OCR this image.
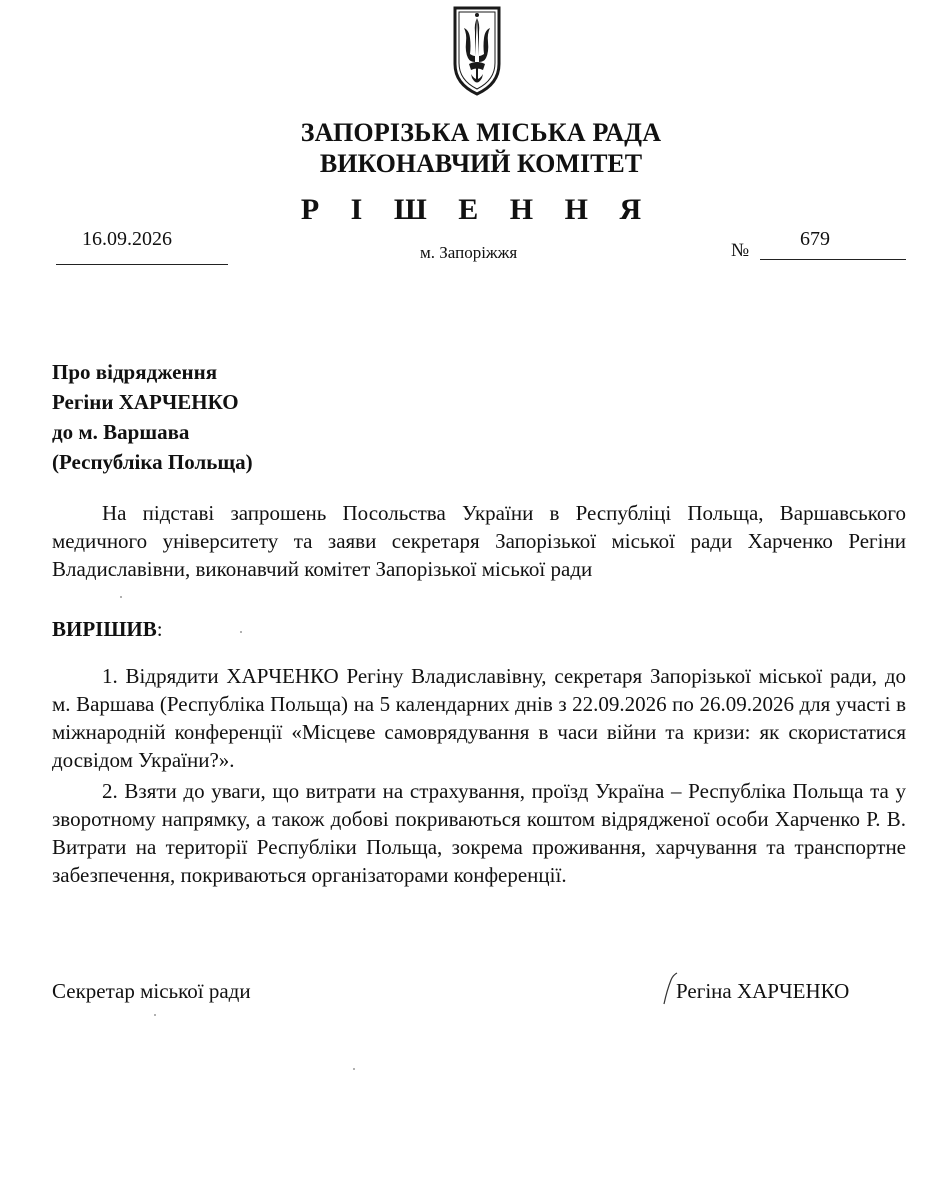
ЗАПОРІЗЬКА МІСЬКА РАДА
ВИКОНАВЧИЙ КОМІТЕТ
Р І Ш Е Н Н Я
16.09.2026
м. Запоріжжя	№
679
Про відрядження
Регіни ХАРЧЕНКО
до м. Варшава
(Республіка Польща)
На підставі запрошень Посольства України в Республіці Польща, Варшавського медичного університету та заяви секретаря Запорізької міської ради Харченко Регіни Владиславівни, виконавчий комітет Запорізької міської ради
ВИРІШИВ:
1. Відрядити ХАРЧЕНКО Регіну Владиславівну, секретаря Запорізької міської ради, до м. Варшава (Республіка Польща) на 5 календарних днів з 22.09.2026 по 26.09.2026 для участі в міжнародній конференції «Місцеве самоврядування в часи війни та кризи: як скористатися досвідом України?».
2. Взяти до уваги, що витрати на страхування, проїзд Україна – Республіка Польща та у зворотному напрямку, а також добові покриваються коштом відрядженої особи Харченко Р. В. Витрати на території Республіки Польща, зокрема проживання, харчування та транспортне забезпечення, покриваються організаторами конференції.
Секретар міської ради	Регіна ХАРЧЕНКО
